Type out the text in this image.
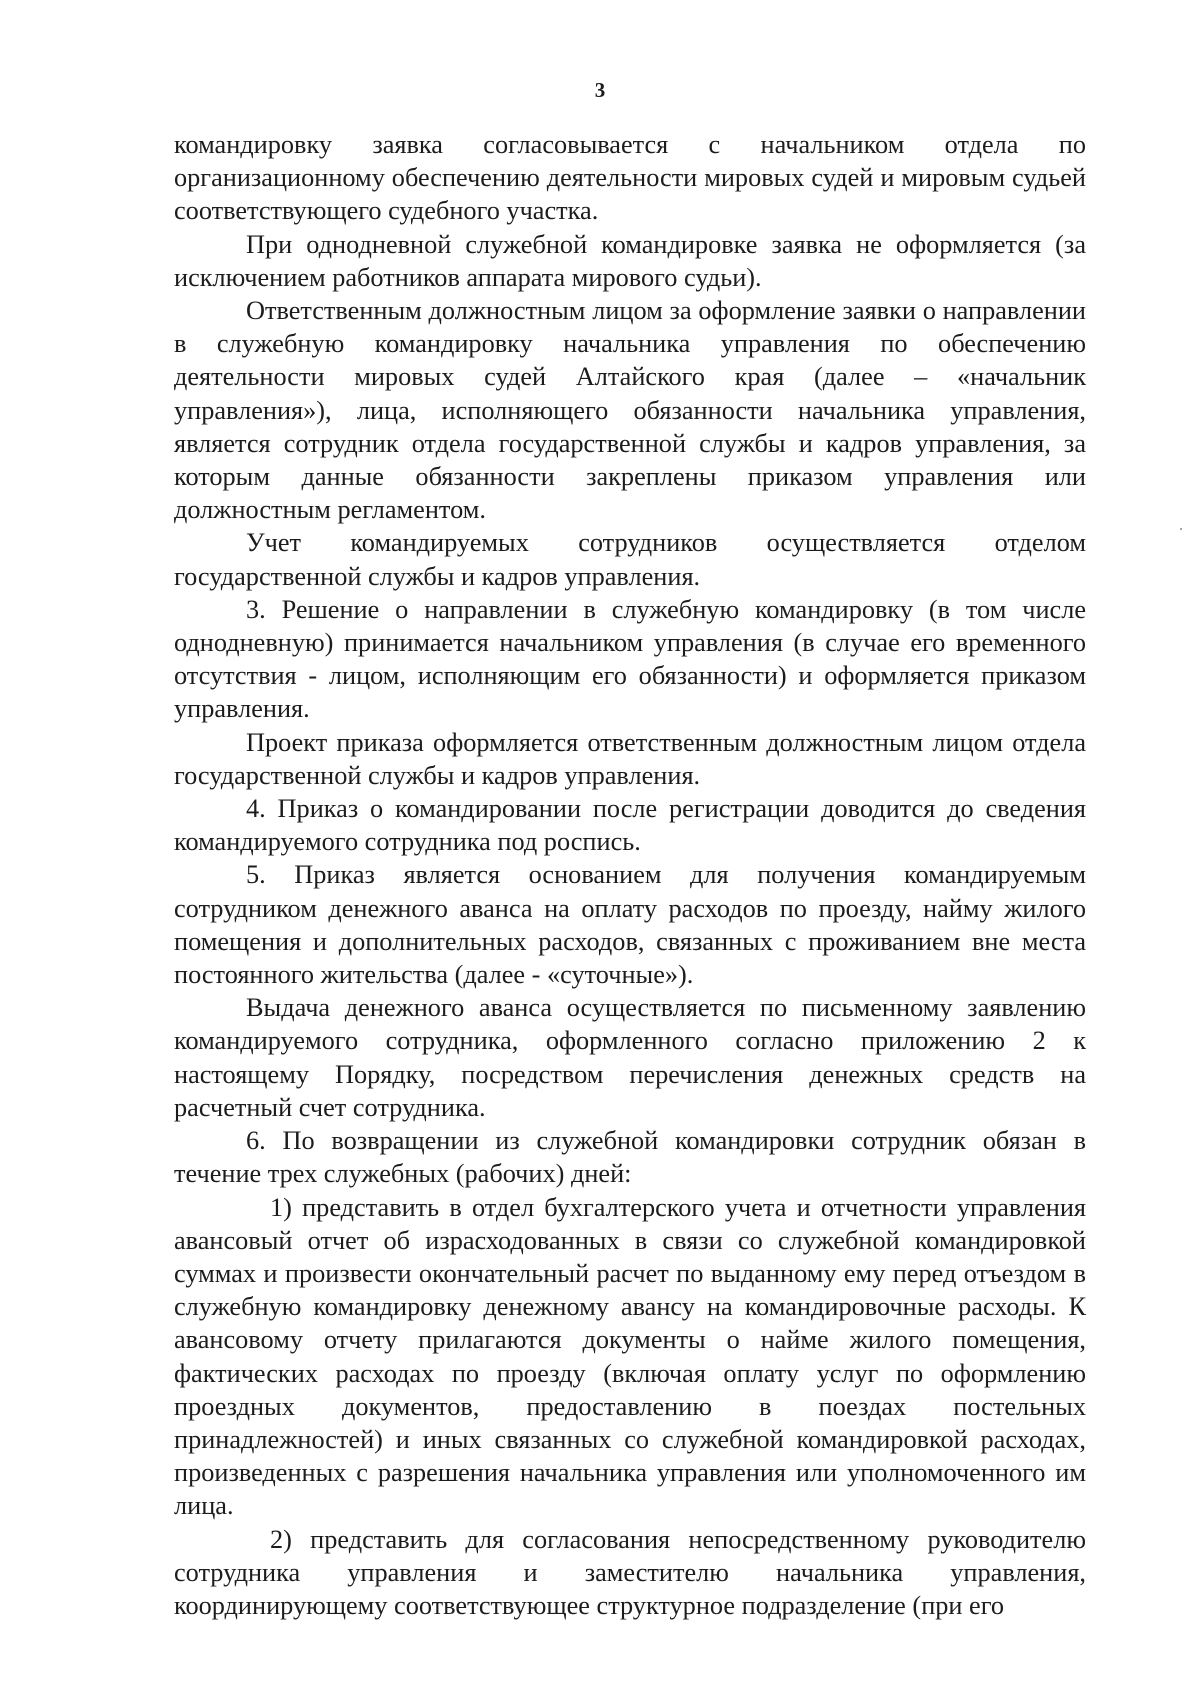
3

командировку заявка согласовывается с начальником отдела по организационному обеспечению деятельности мировых судей и мировым судьей соответствующего судебного участка.

При однодневной служебной командировке заявка не оформляется (за исключением работников аппарата мирового судьи).

Ответственным должностным лицом за оформление заявки о направлении в служебную командировку начальника управления по обеспечению деятельности мировых судей Алтайского края (далее – «начальник управления»), лица, исполняющего обязанности начальника управления, является сотрудник отдела государственной службы и кадров управления, за которым данные обязанности закреплены приказом управления или должностным регламентом.

Учет командируемых сотрудников осуществляется отделом государственной службы и кадров управления.

3. Решение о направлении в служебную командировку (в том числе однодневную) принимается начальником управления (в случае его временного отсутствия - лицом, исполняющим его обязанности) и оформляется приказом управления.

Проект приказа оформляется ответственным должностным лицом отдела государственной службы и кадров управления.

4. Приказ о командировании после регистрации доводится до сведения командируемого сотрудника под роспись.

5. Приказ является основанием для получения командируемым сотрудником денежного аванса на оплату расходов по проезду, найму жилого помещения и дополнительных расходов, связанных с проживанием вне места постоянного жительства (далее - «суточные»).

Выдача денежного аванса осуществляется по письменному заявлению командируемого сотрудника, оформленного согласно приложению 2 к настоящему Порядку, посредством перечисления денежных средств на расчетный счет сотрудника.

6. По возвращении из служебной командировки сотрудник обязан в течение трех служебных (рабочих) дней:

1) представить в отдел бухгалтерского учета и отчетности управления авансовый отчет об израсходованных в связи со служебной командировкой суммах и произвести окончательный расчет по выданному ему перед отъездом в служебную командировку денежному авансу на командировочные расходы. К авансовому отчету прилагаются документы о найме жилого помещения, фактических расходах по проезду (включая оплату услуг по оформлению проездных документов, предоставлению в поездах постельных принадлежностей) и иных связанных со служебной командировкой расходах, произведенных с разрешения начальника управления или уполномоченного им лица.

2) представить для согласования непосредственному руководителю сотрудника управления и заместителю начальника управления, координирующему соответствующее структурное подразделение (при его
